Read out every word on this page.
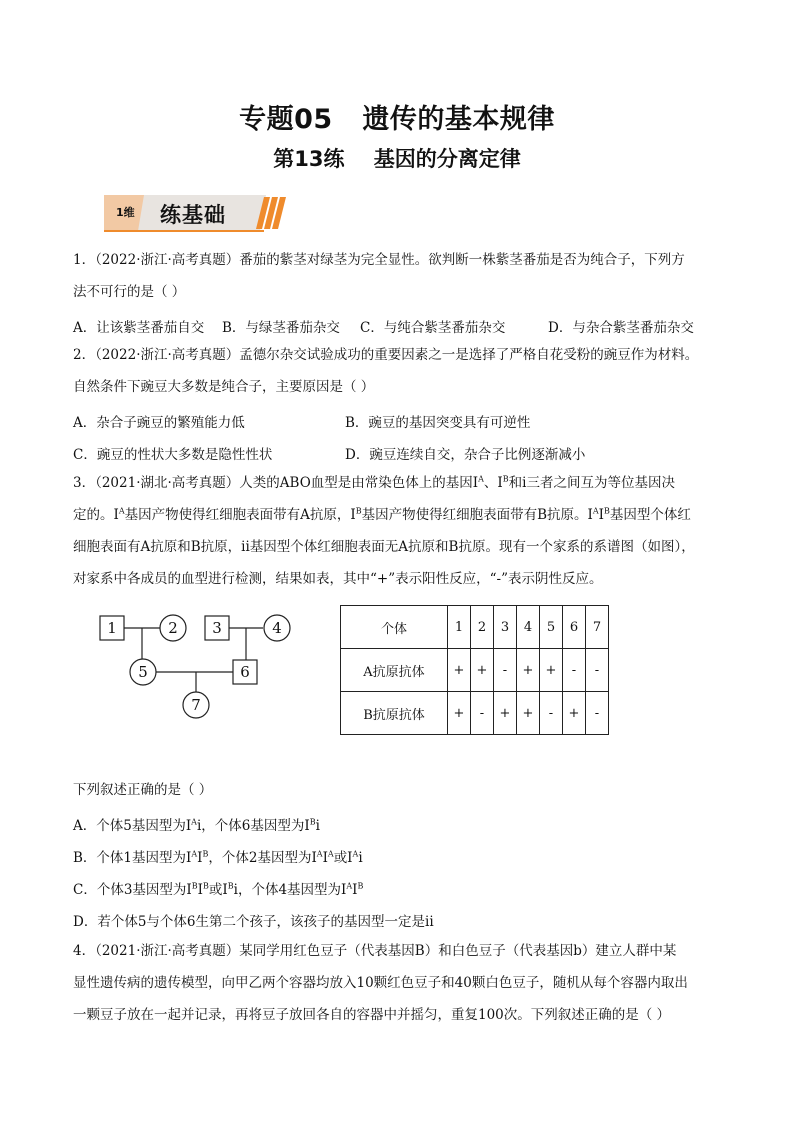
专题05   遗传的基本规律
第13练    基因的分离定律
1维 练基础
1．（2022·浙江·高考真题）番茄的紫茎对绿茎为完全显性。欲判断一株紫茎番茄是否为纯合子，下列方
法不可行的是（ ）
A．让该紫茎番茄自交 B．与绿茎番茄杂交 C．与纯合紫茎番茄杂交	D．与杂合紫茎番茄杂交
2．（2022·浙江·高考真题）孟德尔杂交试验成功的重要因素之一是选择了严格自花受粉的豌豆作为材料。
自然条件下豌豆大多数是纯合子，主要原因是（ ）
A．杂合子豌豆的繁殖能力低	B．豌豆的基因突变具有可逆性
C．豌豆的性状大多数是隐性性状	D．豌豆连续自交，杂合子比例逐渐减小
3．（2021·湖北·高考真题）人类的ABO血型是由常染色体上的基因$I^A$、$I^B$和i三者之间互为等位基因决
定的。$I^A$基因产物使得红细胞表面带有A抗原，$I^B$基因产物使得红细胞表面带有B抗原。$I^AI^B$基因型个体红
细胞表面有A抗原和B抗原，ii基因型个体红细胞表面无A抗原和B抗原。现有一个家系的系谱图（如图），
对家系中各成员的血型进行检测，结果如表，其中“+”表示阳性反应，“-”表示阴性反应。
1	2 3	4
5	6
7
个体	1	2	3	4	5	6	7
A抗原抗体	+	+	-	+	+	-	-
B抗原抗体	+	-	+	+	-	+	-
下列叙述正确的是（ ）
A．个体5基因型为$I^Ai$，个体6基因型为$I^Bi$
B．个体1基因型为$I^AI^B$，个体2基因型为$I^AI^A$或$I^Ai$
C．个体3基因型为$I^BI^B$或$I^Bi$，个体4基因型为$I^AI^B$
D．若个体5与个体6生第二个孩子，该孩子的基因型一定是ii
4．（2021·浙江·高考真题）某同学用红色豆子（代表基因B）和白色豆子（代表基因b）建立人群中某
显性遗传病的遗传模型，向甲乙两个容器均放入10颗红色豆子和40颗白色豆子，随机从每个容器内取出
一颗豆子放在一起并记录，再将豆子放回各自的容器中并摇匀，重复100次。下列叙述正确的是（ ）
